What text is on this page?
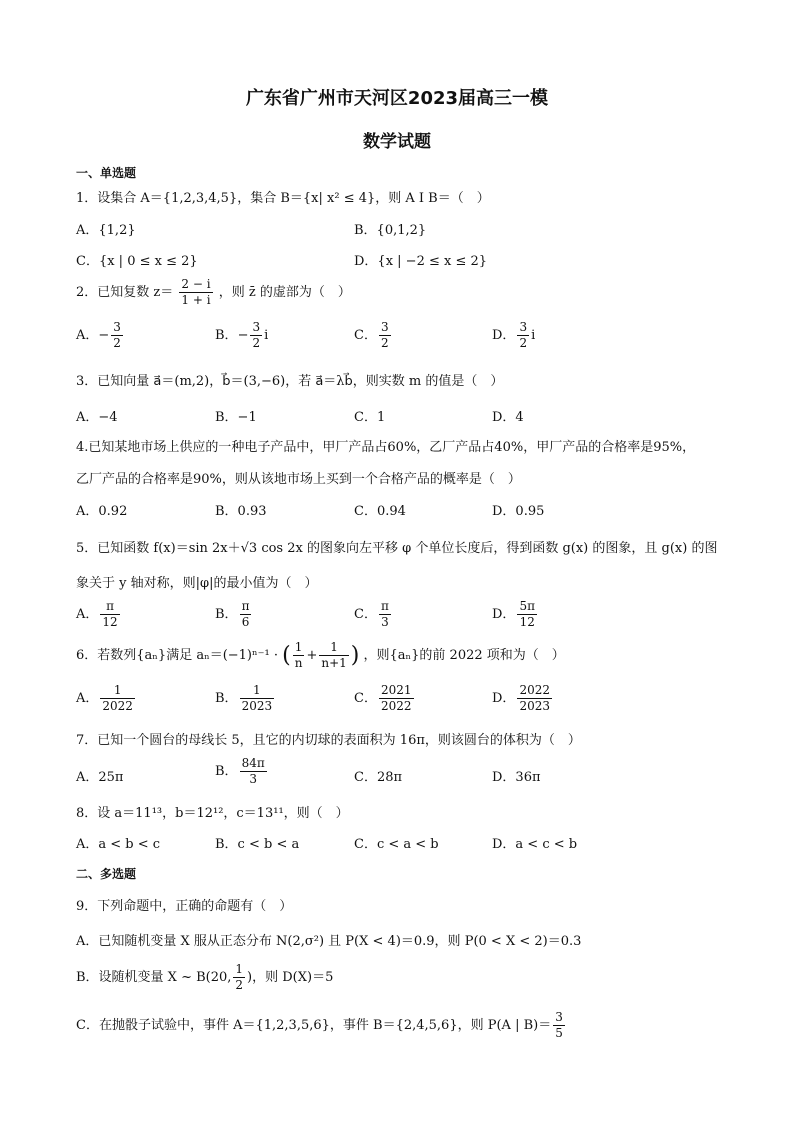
广东省广州市天河区2023届高三一模
数学试题
一、单选题
1．设集合 A＝{1,2,3,4,5}，集合 B＝{x| x² ≤ 4}，则 A I B＝（　）
A．{1,2}	B．{0,1,2}
C．{x | 0 ≤ x ≤ 2}	D．{x | −2 ≤ x ≤ 2}
2．已知复数 $z= \frac{2 - i}{1 + i}$ ，则 z̄ 的虚部为（　）
A．− $\frac{3}{2}$	B．− $\frac{3}{2}$ i	C． $\frac{3}{2}$	D． $\frac{3}{2}$ i
3．已知向量 a⃗＝(m,2)，b⃗＝(3,−6)，若 a⃗＝λb⃗，则实数 m 的值是（　）
A．−4	B．−1	C．1	D．4
4.已知某地市场上供应的一种电子产品中，甲厂产品占60%，乙厂产品占40%，甲厂产品的合格率是95%，
乙厂产品的合格率是90%，则从该地市场上买到一个合格产品的概率是（　）
A．0.92	B．0.93	C．0.94	D．0.95
5．已知函数 f(x)＝sin 2x＋√3 cos 2x 的图象向左平移 φ 个单位长度后，得到函数 g(x) 的图象，且 g(x) 的图
象关于 y 轴对称，则|φ|的最小值为（　）
A． $\frac{\pi}{12}$	B． $\frac{\pi}{6}$	C． $\frac{\pi}{3}$	D． $\frac{5\pi}{12}$
6．若数列{aₙ}满足 aₙ＝(−1)ⁿ⁻¹ · ( $\frac{1}{n} + \frac{1}{n+1}$ ) ，则{aₙ}的前 2022 项和为（　）
A． $\frac{1}{2022}$	B． $\frac{1}{2023}$	C． $\frac{2021}{2022}$	D． $\frac{2022}{2023}$
7．已知一个圆台的母线长 5，且它的内切球的表面积为 16π，则该圆台的体积为（　）
A．25π	B． $\frac{84\pi}{3}$	C．28π	D．36π
8．设 a＝11¹³，b＝12¹²，c＝13¹¹，则（　）
A．a < b < c	B．c < b < a	C．c < a < b	D．a < c < b
二、多选题
9．下列命题中，正确的命题有（　）
A．已知随机变量 X 服从正态分布 N(2,σ²) 且 P(X < 4)＝0.9，则 P(0 < X < 2)＝0.3
B．设随机变量 X ~ B(20, $\frac{1}{2}$ )，则 D(X)＝5
C．在抛骰子试验中，事件 A＝{1,2,3,5,6}，事件 B＝{2,4,5,6}，则 P(A | $B)= \frac{3}{5}$
